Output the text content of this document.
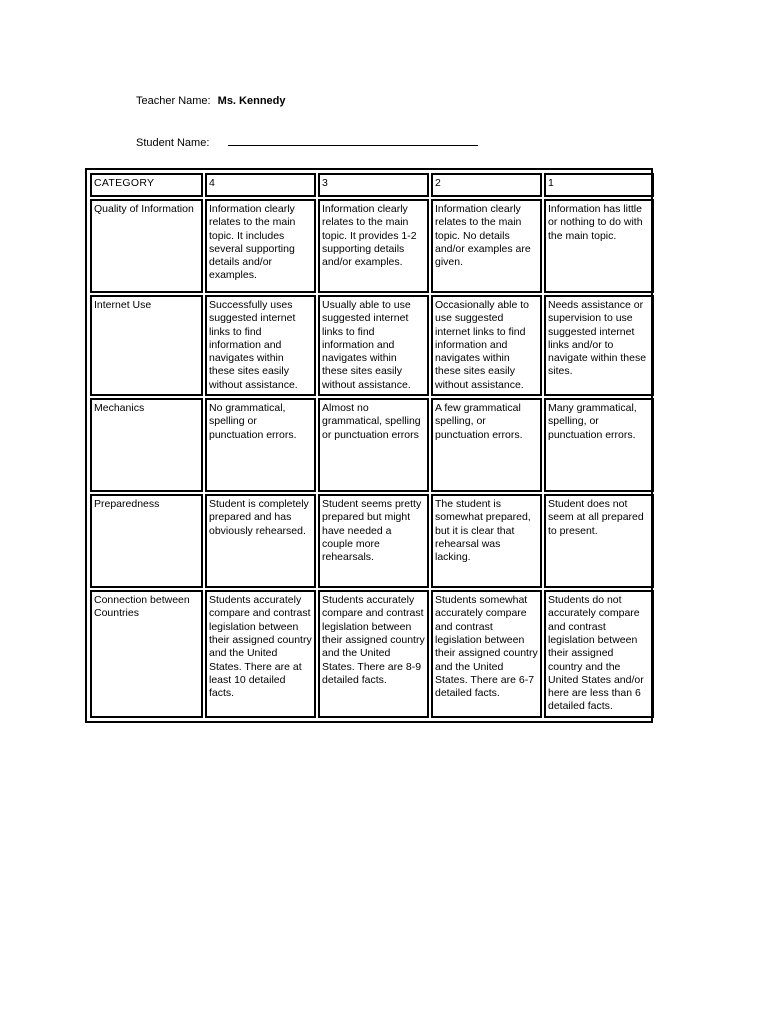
Teacher Name: Ms. Kennedy
Student Name:
CATEGORY	4	3	2	1
Quality of Information	Information clearly relates to the main topic. It includes several supporting details and/or examples.	Information clearly relates to the main topic. It provides 1-2 supporting details and/or examples.	Information clearly relates to the main topic. No details and/or examples are given.	Information has little or nothing to do with the main topic.
Internet Use	Successfully uses suggested internet links to find information and navigates within these sites easily without assistance.	Usually able to use suggested internet links to find information and navigates within these sites easily without assistance.	Occasionally able to use suggested internet links to find information and navigates within these sites easily without assistance.	Needs assistance or supervision to use suggested internet links and/or to navigate within these sites.
Mechanics	No grammatical, spelling or punctuation errors.	Almost no grammatical, spelling or punctuation errors	A few grammatical spelling, or punctuation errors.	Many grammatical, spelling, or punctuation errors.
Preparedness	Student is completely prepared and has obviously rehearsed.	Student seems pretty prepared but might have needed a couple more rehearsals.	The student is somewhat prepared, but it is clear that rehearsal was lacking.	Student does not seem at all prepared to present.
Connection between Countries	Students accurately compare and contrast legislation between their assigned country and the United States. There are at least 10 detailed facts.	Students accurately compare and contrast legislation between their assigned country and the United States. There are 8-9 detailed facts.	Students somewhat accurately compare and contrast legislation between their assigned country and the United States. There are 6-7 detailed facts.	Students do not accurately compare and contrast legislation between their assigned country and the United States and/or here are less than 6 detailed facts.
